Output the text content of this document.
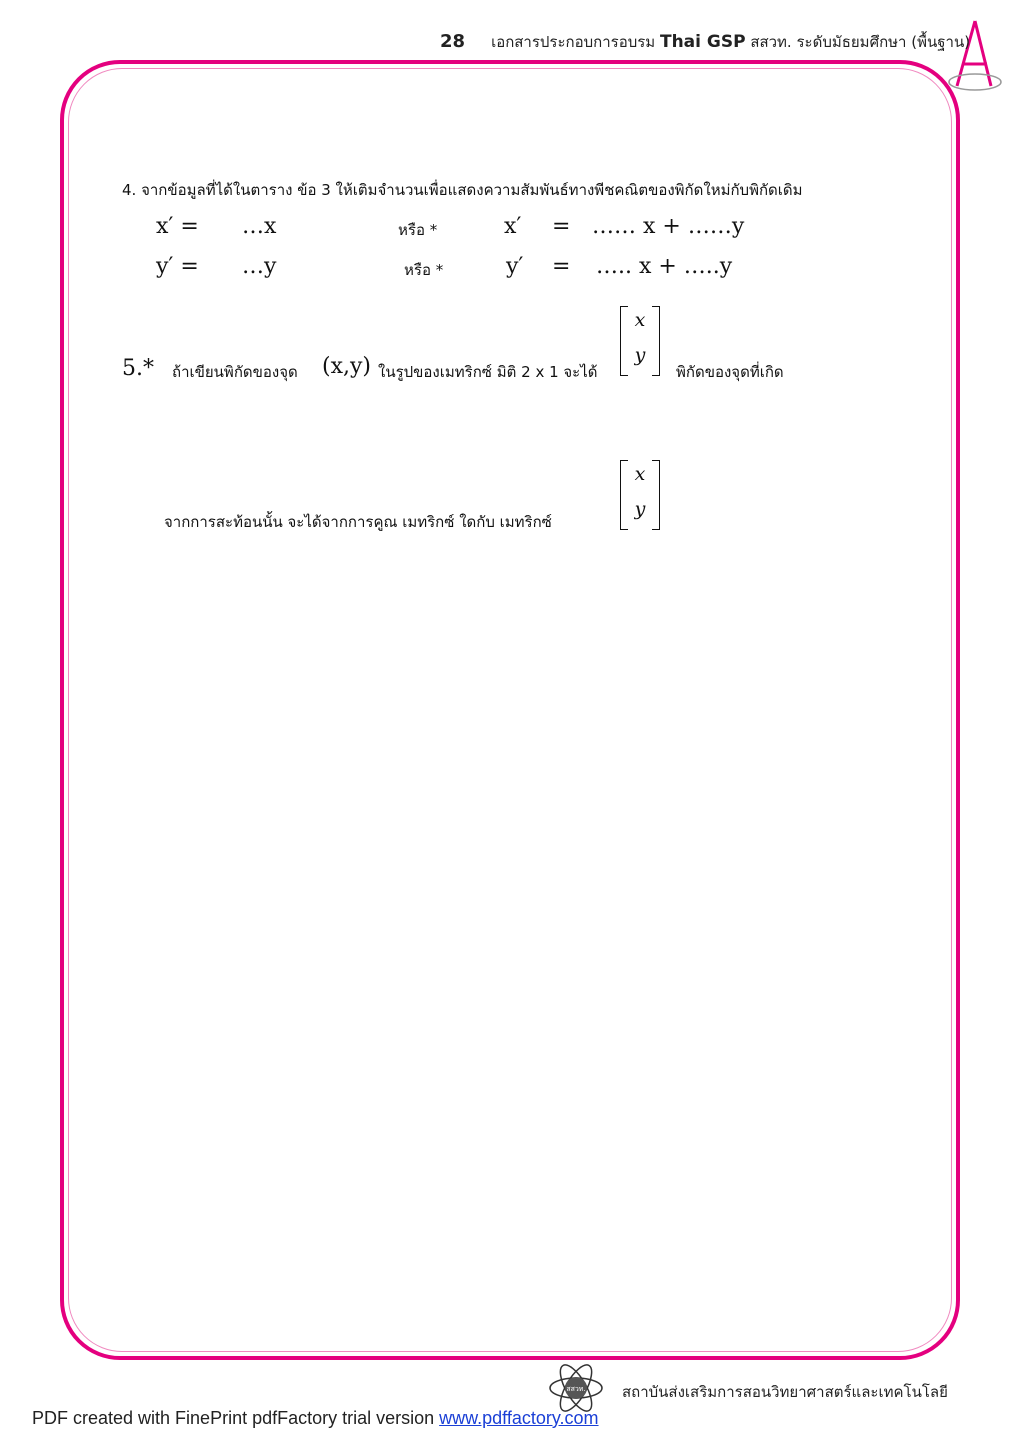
28 เอกสารประกอบการอบรม Thai GSP สสวท. ระดับมัธยมศึกษา (พื้นฐาน)
4. จากข้อมูลที่ได้ในตาราง ข้อ 3 ให้เติมจำนวนเพื่อแสดงความสัมพันธ์ทางพีชคณิตของพิกัดใหม่กับพิกัดเดิม
x′ = …x	หรือ *	x′ = …… x + ……y
y′ = …y	หรือ *	y′ = ….. x + …..y
5.* ถ้าเขียนพิกัดของจุด (x,y) ในรูปของเมทริกซ์ มิติ 2 x 1 จะได้
x
y
พิกัดของจุดที่เกิด
จากการสะท้อนนั้น จะได้จากการคูณ เมทริกซ์ ใดกับ เมทริกซ์
x
y
สสวท. สถาบันส่งเสริมการสอนวิทยาศาสตร์และเทคโนโลยี
PDF created with FinePrint pdfFactory trial version www.pdffactory.com
